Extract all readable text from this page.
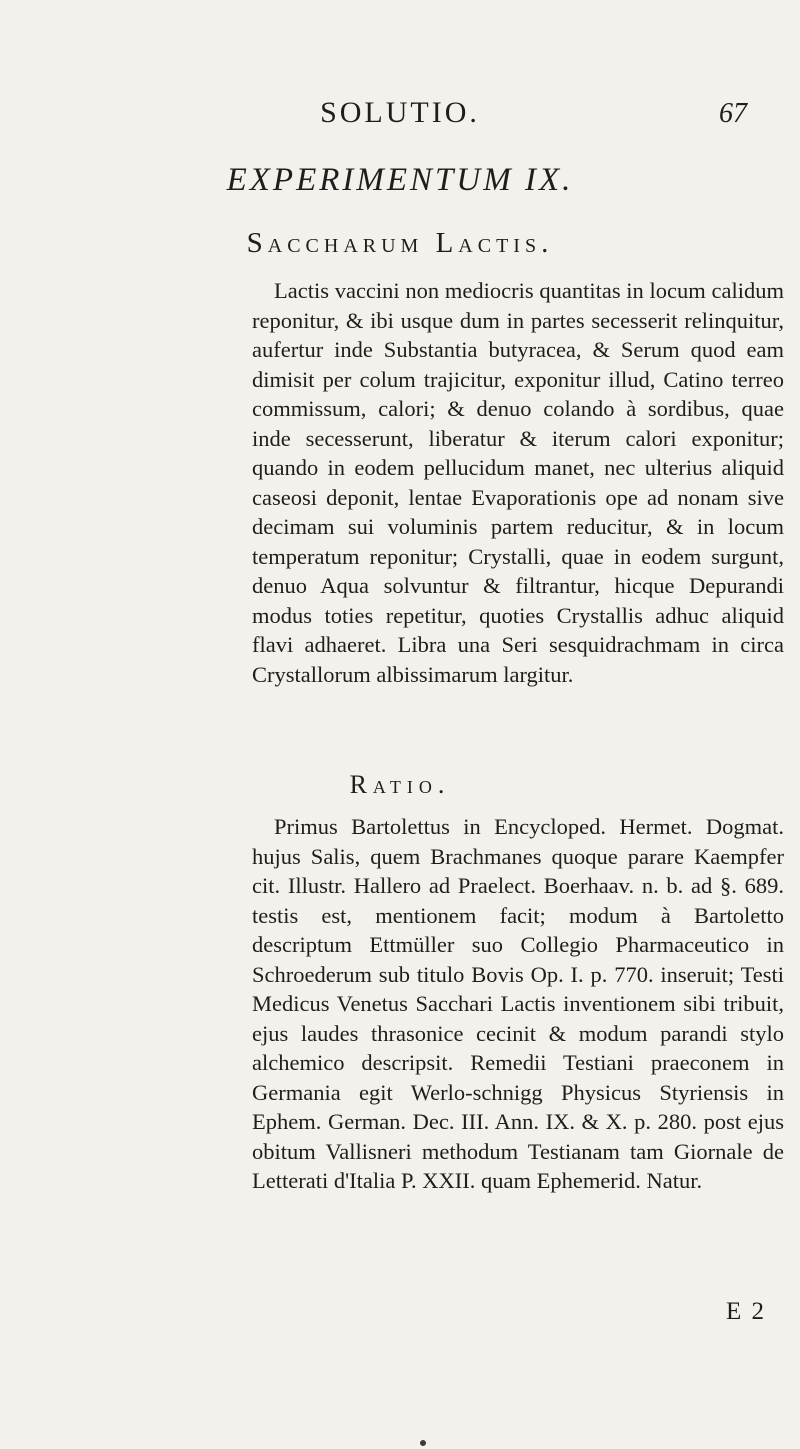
SOLUTIO.	67
EXPERIMENTUM IX.
Saccharum Lactis.

Lactis vaccini non mediocris quantitas in locum calidum reponitur, & ibi usque dum in partes secesserit relinquitur, aufertur inde Substantia butyracea, & Serum quod eam dimisit per colum trajicitur, exponitur illud, Catino terreo commissum, calori; & denuo colando à sordibus, quae inde secesserunt, liberatur & iterum calori exponitur; quando in eodem pellucidum manet, nec ulterius aliquid caseosi deponit, lentae Evaporationis ope ad nonam sive decimam sui voluminis partem reducitur, & in locum temperatum reponitur; Crystalli, quae in eodem surgunt, denuo Aqua solvuntur & filtrantur, hicque Depurandi modus toties repetitur, quoties Crystallis adhuc aliquid flavi adhaeret. Libra una Seri sesquidrachmam in circa Crystallorum albissimarum largitur.

Ratio.

Primus Bartolettus in Encycloped. Hermet. Dogmat. hujus Salis, quem Brachmanes quoque parare Kaempfer cit. Illustr. Hallero ad Praelect. Boerhaav. n. b. ad §. 689. testis est, mentionem facit; modum à Bartoletto descriptum Ettmüller suo Collegio Pharmaceutico in Schroederum sub titulo Bovis Op. I. p. 770. inseruit; Testi Medicus Venetus Sacchari Lactis inventionem sibi tribuit, ejus laudes thrasonice cecinit & modum parandi stylo alchemico descripsit. Remedii Testiani praeconem in Germania egit Werlo-schnigg Physicus Styriensis in Ephem. German. Dec. III. Ann. IX. & X. p. 280. post ejus obitum Vallisneri methodum Testianam tam Giornale de Letterati d'Italia P. XXII. quam Ephemerid. Natur.

E 2
